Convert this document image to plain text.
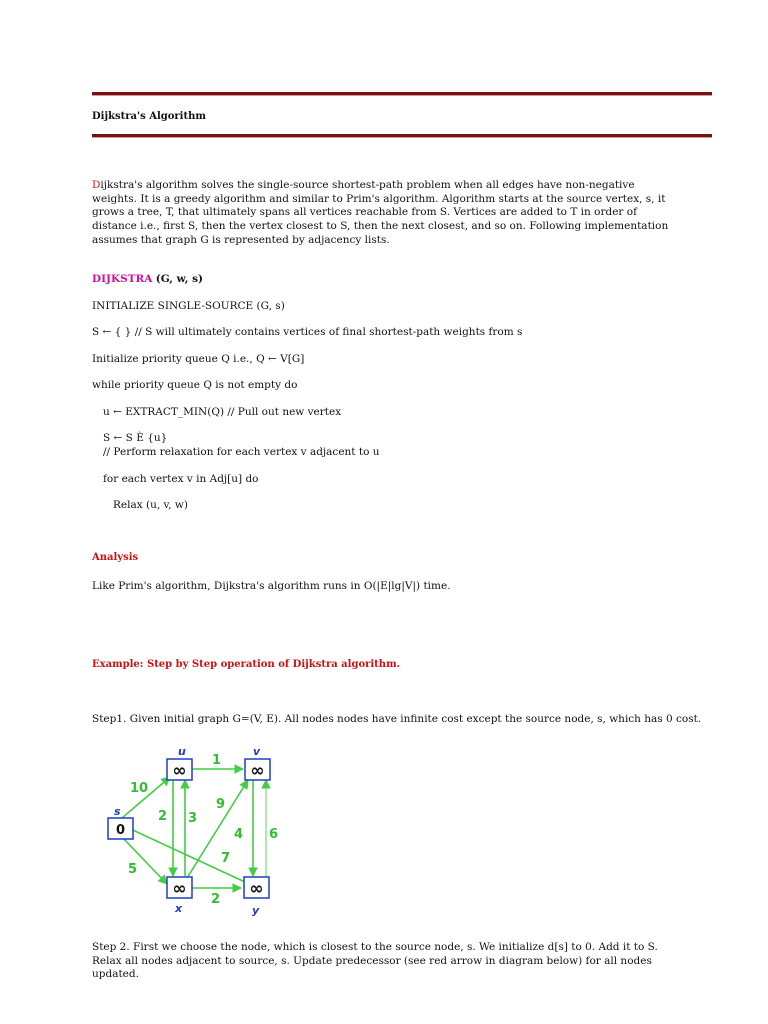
Dijkstra's Algorithm
Dijkstra's algorithm solves the single-source shortest-path problem when all edges have non-negative weights. It is a greedy algorithm and similar to Prim's algorithm. Algorithm starts at the source vertex, s, it grows a tree, T, that ultimately spans all vertices reachable from S. Vertices are added to T in order of distance i.e., first S, then the vertex closest to S, then the next closest, and so on. Following implementation assumes that graph G is represented by adjacency lists.
DIJKSTRA (G, w, s)
INITIALIZE SINGLE-SOURCE (G, s)
S ← { } // S will ultimately contains vertices of final shortest-path weights from s
Initialize priority queue Q i.e., Q ← V[G]
while priority queue Q is not empty do
u ← EXTRACT_MIN(Q) // Pull out new vertex
S ← S È {u}
// Perform relaxation for each vertex v adjacent to u
for each vertex v in Adj[u] do
Relax (u, v, w)
Analysis
Like Prim's algorithm, Dijkstra's algorithm runs in O(|E|lg|V|) time.
Example: Step by Step operation of Dijkstra algorithm.
Step1. Given initial graph G=(V, E). All nodes nodes have infinite cost except the source node, s, which has 0 cost.
10
1
2 3
9
4 6
7
5
2
0
s
∞
u
∞
v
∞
x
∞
y
Step 2. First we choose the node, which is closest to the source node, s. We initialize d[s] to 0. Add it to S. Relax all nodes adjacent to source, s. Update predecessor (see red arrow in diagram below) for all nodes updated.
